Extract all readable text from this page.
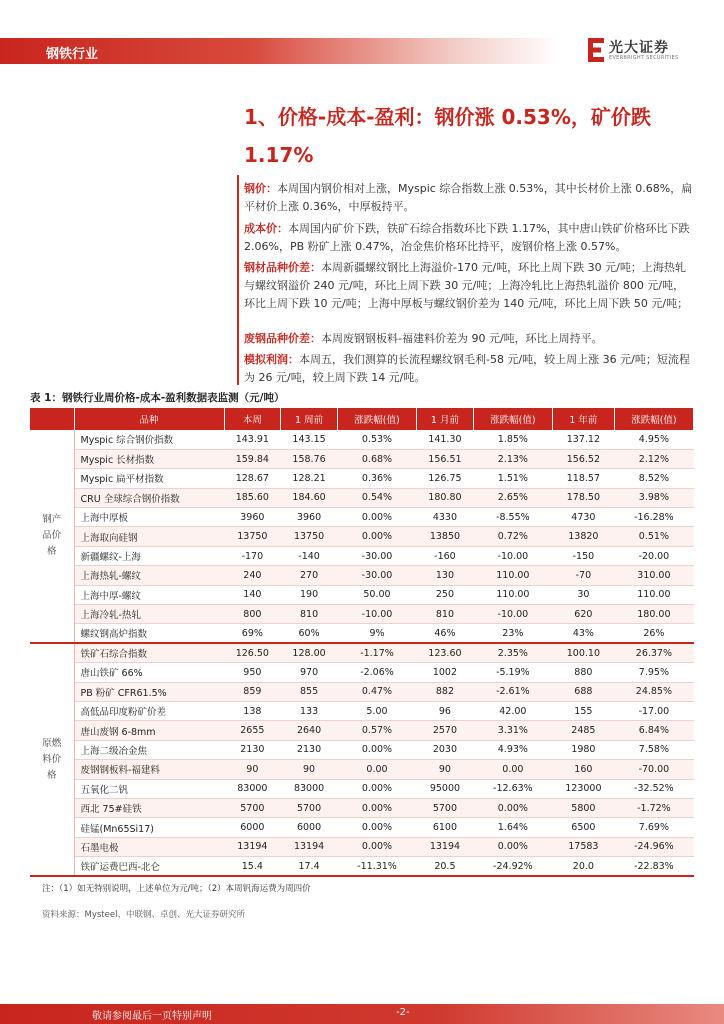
钢铁行业	光大证券
EVERBRIGHT SECURITIES
1、价格-成本-盈利：钢价涨 0.53%，矿价跌 1.17%
钢价：本周国内钢价相对上涨，Myspic 综合指数上涨 0.53%，其中长材价上涨 0.68%，扁平材价上涨 0.36%，中厚板持平。
成本价：本周国内矿价下跌，铁矿石综合指数环比下跌 1.17%，其中唐山铁矿价格环比下跌 2.06%，PB 粉矿上涨 0.47%，冶金焦价格环比持平，废钢价格上涨 0.57%。
钢材品种价差：本周新疆螺纹钢比上海溢价-170 元/吨，环比上周下跌 30 元/吨；上海热轧与螺纹钢溢价 240 元/吨，环比上周下跌 30 元/吨；上海冷轧比上海热轧溢价 800 元/吨，环比上周下跌 10 元/吨；上海中厚板与螺纹钢价差为 140 元/吨，环比上周下跌 50 元/吨；
废钢品种价差：本周废钢钢板料-福建料价差为 90 元/吨，环比上周持平。
模拟利润：本周五，我们测算的长流程螺纹钢毛利-58 元/吨，较上周上涨 36 元/吨；短流程为 26 元/吨，较上周下跌 14 元/吨。
表 1：钢铁行业周价格-成本-盈利数据表监测（元/吨）
	品种	本周	1 周前	涨跌幅(值)	1 月前	涨跌幅(值)	1 年前	涨跌幅(值)

钢产
品价
格	Myspic 综合钢价指数	143.91	143.15	0.53%	141.30	1.85%	137.12	4.95%
	Myspic 长材指数	159.84	158.76	0.68%	156.51	2.13%	156.52	2.12%
	Myspic 扁平材指数	128.67	128.21	0.36%	126.75	1.51%	118.57	8.52%
	CRU 全球综合钢价指数	185.60	184.60	0.54%	180.80	2.65%	178.50	3.98%
	上海中厚板	3960	3960	0.00%	4330	-8.55%	4730	-16.28%
	上海取向硅钢	13750	13750	0.00%	13850	0.72%	13820	0.51%
	新疆螺纹-上海	-170	-140	-30.00	-160	-10.00	-150	-20.00
	上海热轧-螺纹	240	270	-30.00	130	110.00	-70	310.00
	上海中厚-螺纹	140	190	50.00	250	110.00	30	110.00
	上海冷轧-热轧	800	810	-10.00	810	-10.00	620	180.00
	螺纹钢高炉指数	69%	60%	9%	46%	23%	43%	26%

原燃
料价
格	铁矿石综合指数	126.50	128.00	-1.17%	123.60	2.35%	100.10	26.37%
	唐山铁矿 66%	950	970	-2.06%	1002	-5.19%	880	7.95%
	PB 粉矿 CFR61.5%	859	855	0.47%	882	-2.61%	688	24.85%
	高低品印度粉矿价差	138	133	5.00	96	42.00	155	-17.00
	唐山废钢 6-8mm	2655	2640	0.57%	2570	3.31%	2485	6.84%
	上海二级冶金焦	2130	2130	0.00%	2030	4.93%	1980	7.58%
	废钢钢板料-福建料	90	90	0.00	90	0.00	160	-70.00
	五氧化二钒	83000	83000	0.00%	95000	-12.63%	123000	-32.52%
	西北 75#硅铁	5700	5700	0.00%	5700	0.00%	5800	-1.72%
	硅锰(Mn65Si17)	6000	6000	0.00%	6100	1.64%	6500	7.69%
	石墨电极	13194	13194	0.00%	13194	0.00%	17583	-24.96%
	铁矿运费巴西-北仑	15.4	17.4	-11.31%	20.5	-24.92%	20.0	-22.83%
注：（1）如无特别说明，上述单位为元/吨；（2）本周钒海运费为周四价
资料来源：Mysteel、中联钢、卓创、光大证券研究所
敬请参阅最后一页特别声明	-2-
